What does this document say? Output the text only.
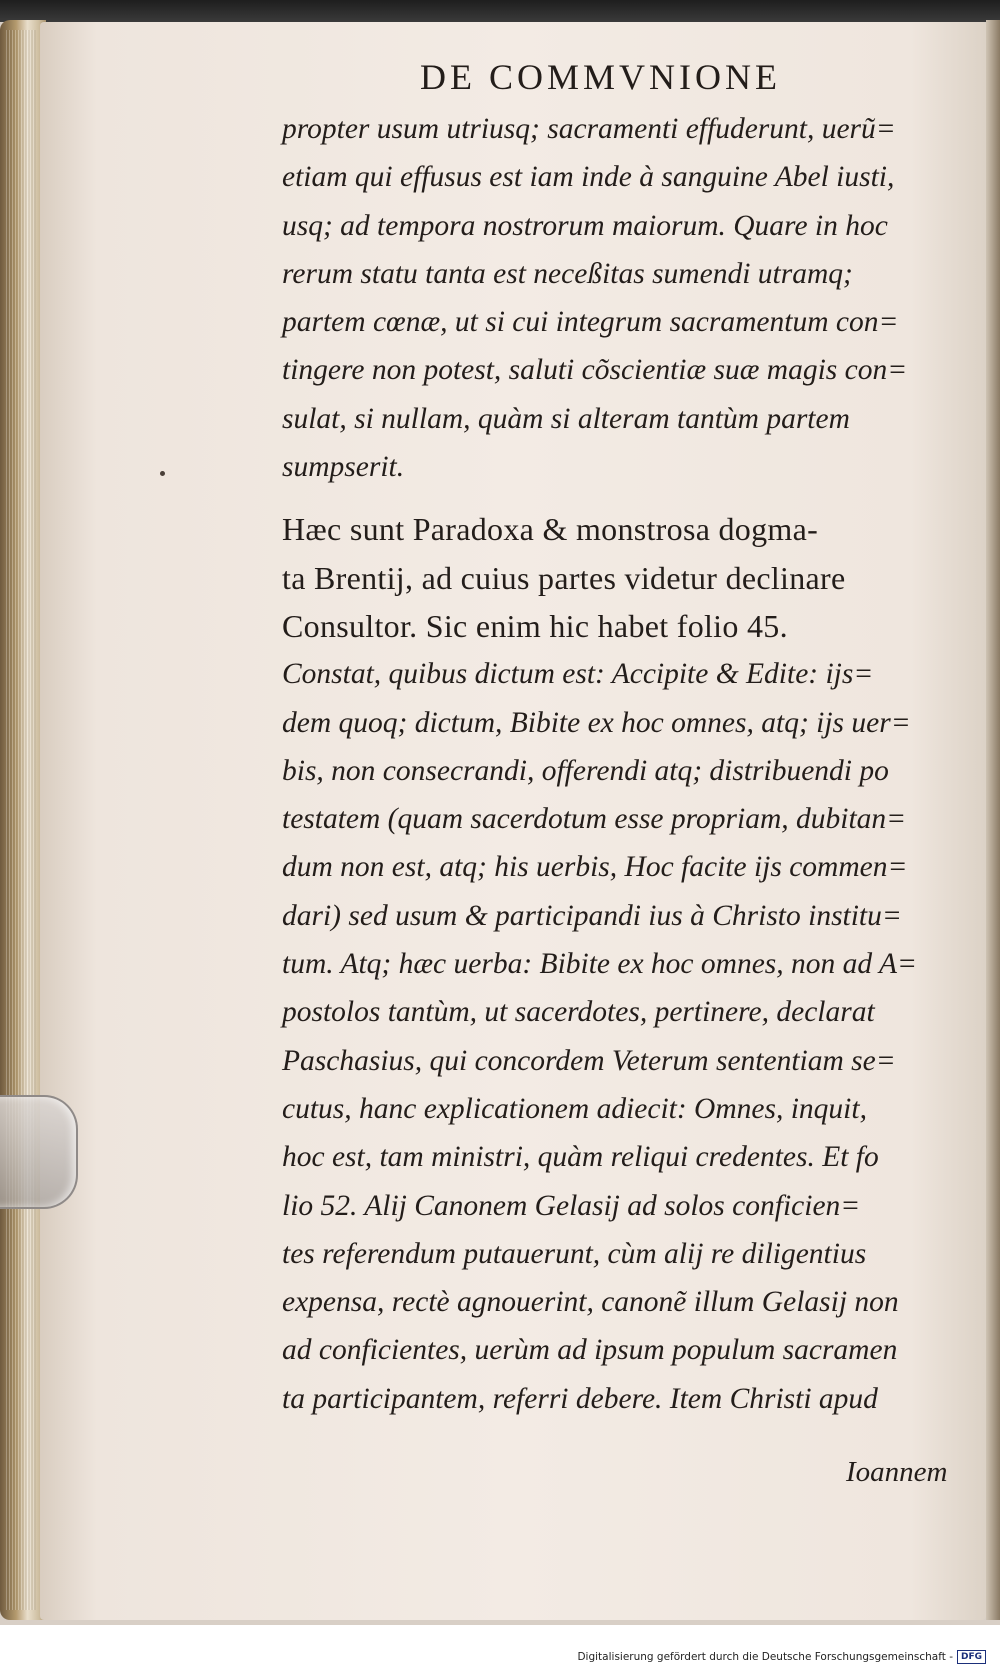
DE COMMVNIONE
propter usum utriusq; sacramenti effuderunt, uerũ=
etiam qui effusus est iam inde à sanguine Abel iusti,
usq; ad tempora nostrorum maiorum. Quare in hoc
rerum statu tanta est neceßitas sumendi utramq;
partem cœnæ, ut si cui integrum sacramentum con=
tingere non potest, saluti cõscientiæ suæ magis con=
sulat, si nullam, quàm si alteram tantùm partem
sumpserit.
Hæc sunt Paradoxa & monstrosa dogma-
ta Brentij, ad cuius partes videtur declinare
Consultor. Sic enim hic habet folio 45.
Constat, quibus dictum est: Accipite & Edite: ijs=
dem quoq; dictum, Bibite ex hoc omnes, atq; ijs uer=
bis, non consecrandi, offerendi atq; distribuendi po
testatem (quam sacerdotum esse propriam, dubitan=
dum non est, atq; his uerbis, Hoc facite ijs commen=
dari) sed usum & participandi ius à Christo institu=
tum. Atq; hæc uerba: Bibite ex hoc omnes, non ad A=
postolos tantùm, ut sacerdotes, pertinere, declarat
Paschasius, qui concordem Veterum sententiam se=
cutus, hanc explicationem adiecit: Omnes, inquit,
hoc est, tam ministri, quàm reliqui credentes. Et fo
lio 52. Alij Canonem Gelasij ad solos conficien=
tes referendum putauerunt, cùm alij re diligentius
expensa, rectè agnouerint, canonẽ illum Gelasij non
ad conficientes, uerùm ad ipsum populum sacramen
ta participantem, referri debere. Item Christi apud
Ioannem
Digitalisierung gefördert durch die Deutsche Forschungsgemeinschaft - DFG
